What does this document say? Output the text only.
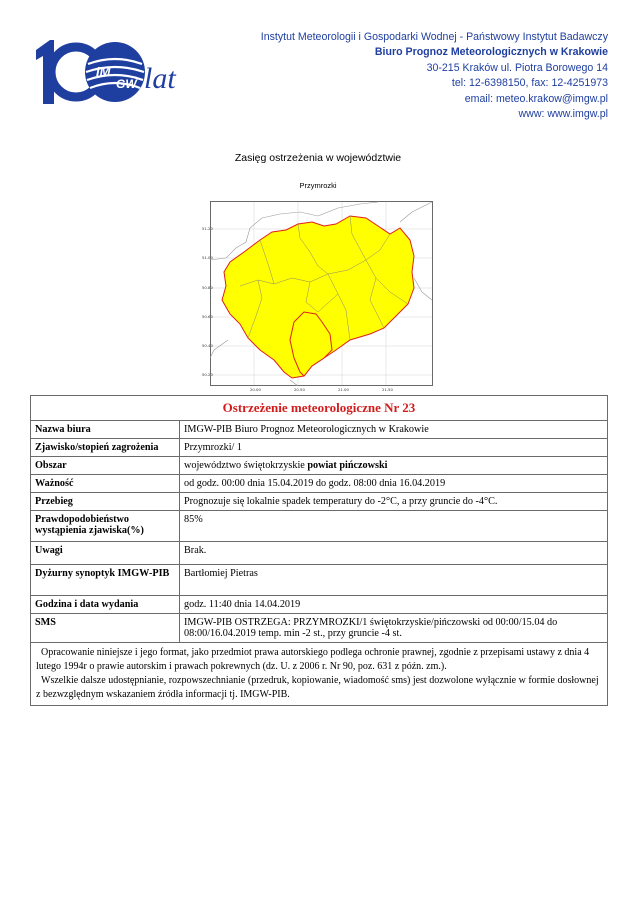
IM
GW lat
Instytut Meteorologii i Gospodarki Wodnej - Państwowy Instytut Badawczy
Biuro Prognoz Meteorologicznych w Krakowie
30-215 Kraków ul. Piotra Borowego 14
tel: 12-6398150, fax: 12-4251973
email: meteo.krakow@imgw.pl
www: www.imgw.pl
Zasięg ostrzeżenia w województwie
Przymrozki
51.20
51.00
50.80
50.60
50.40
50.20
20.00	20.50	21.00	21.50
Ostrzeżenie meteorologiczne Nr 23	
Nazwa biura	IMGW-PIB Biuro Prognoz Meteorologicznych w Krakowie
Zjawisko/stopień zagrożenia	Przymrozki/ 1
Obszar	województwo świętokrzyskie powiat pińczowski
Ważność	od godz. 00:00 dnia 15.04.2019 do godz. 08:00 dnia 16.04.2019
Przebieg	Prognozuje się lokalnie spadek temperatury do -2°C, a przy gruncie do -4°C.
Prawdopodobieństwo wystąpienia zjawiska(%)	85%
Uwagi	Brak.
Dyżurny synoptyk IMGW-PIB	Bartłomiej Pietras
Godzina i data wydania	godz. 11:40 dnia 14.04.2019
SMS	IMGW-PIB OSTRZEGA: PRZYMROZKI/1 świętokrzyskie/pińczowski od 00:00/15.04 do 08:00/16.04.2019 temp. min -2 st., przy gruncie -4 st.

Opracowanie niniejsze i jego format, jako przedmiot prawa autorskiego podlega ochronie prawnej, zgodnie z przepisami ustawy z dnia 4 lutego 1994r o prawie autorskim i prawach pokrewnych (dz. U. z 2006 r. Nr 90, poz. 631 z późn. zm.).

Wszelkie dalsze udostępnianie, rozpowszechnianie (przedruk, kopiowanie, wiadomość sms) jest dozwolone wyłącznie w formie dosłownej z bezwzględnym wskazaniem źródła informacji tj. IMGW-PIB.	
